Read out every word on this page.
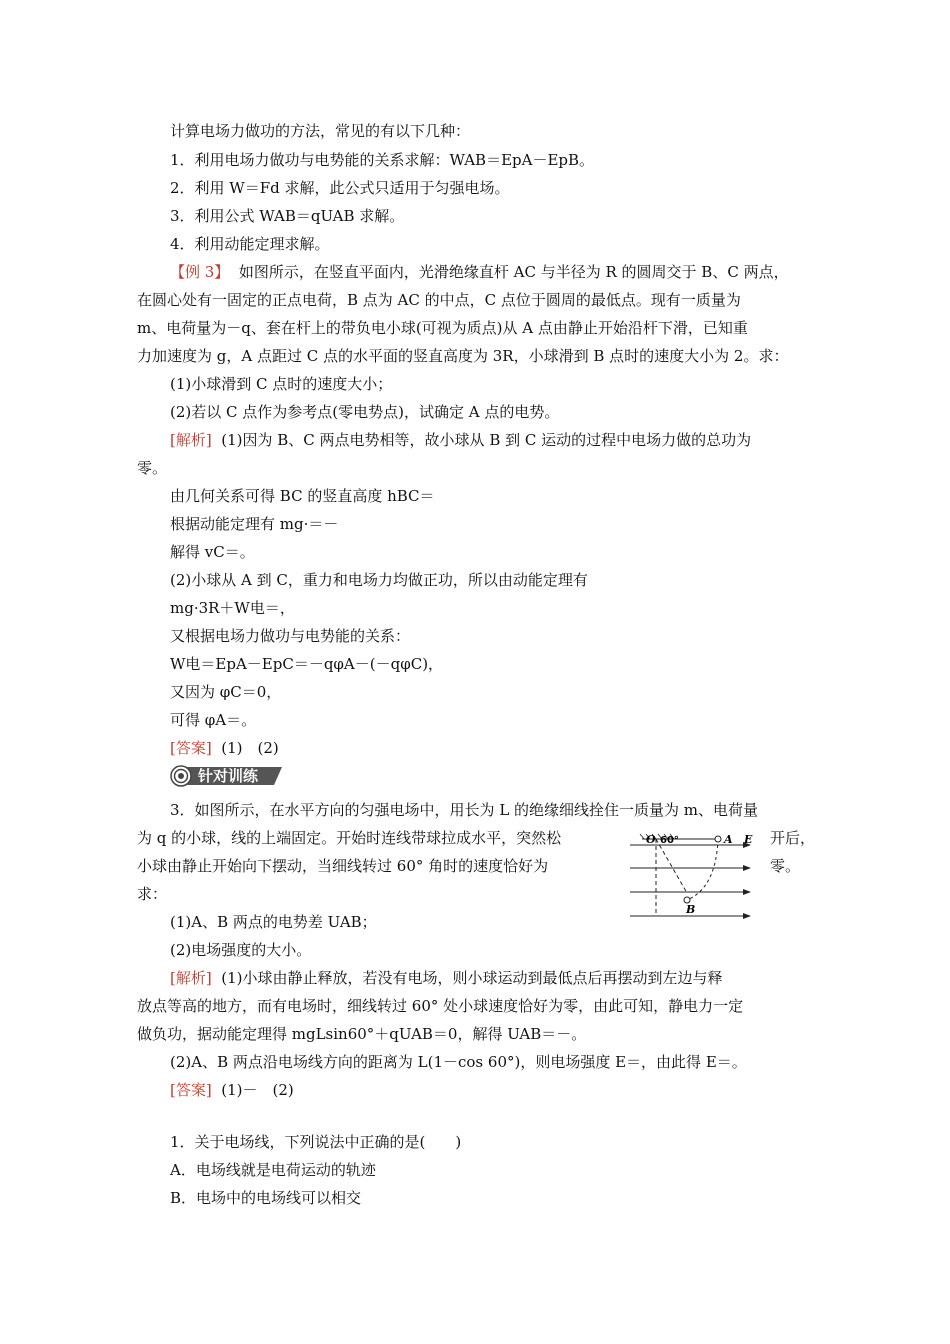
计算电场力做功的方法，常见的有以下几种：
1．利用电场力做功与电势能的关系求解：WAB＝EpA－EpB。
2．利用 W＝Fd 求解，此公式只适用于匀强电场。
3．利用公式 WAB＝qUAB 求解。
4．利用动能定理求解。
【例 3】 如图所示，在竖直平面内，光滑绝缘直杆 AC 与半径为 R 的圆周交于 B、C 两点，
在圆心处有一固定的正点电荷，B 点为 AC 的中点，C 点位于圆周的最低点。现有一质量为
m、电荷量为－q、套在杆上的带负电小球(可视为质点)从 A 点由静止开始沿杆下滑，已知重
力加速度为 g，A 点距过 C 点的水平面的竖直高度为 3R，小球滑到 B 点时的速度大小为 2。求：
(1)小球滑到 C 点时的速度大小；
(2)若以 C 点作为参考点(零电势点)，试确定 A 点的电势。
[解析] (1)因为 B、C 两点电势相等，故小球从 B 到 C 运动的过程中电场力做的总功为
零。
由几何关系可得 BC 的竖直高度 hBC＝
根据动能定理有 mg·＝－
解得 vC＝。
(2)小球从 A 到 C，重力和电场力均做正功，所以由动能定理有
mg·3R＋W电＝，
又根据电场力做功与电势能的关系：
W电＝EpA－EpC＝－qφA－(－qφC)，
又因为 φC＝0，
可得 φA＝。
[答案] (1)　(2)
针对训练
3．如图所示，在水平方向的匀强电场中，用长为 L 的绝缘细线拴住一质量为 m、电荷量
为 q 的小球，线的上端固定。开始时连线带球拉成水平，突然松	开后，
小球由静止开始向下摆动，当细线转过 60° 角时的速度恰好为	零。
求：
O 60°	A E
B
(1)A、B 两点的电势差 UAB；
(2)电场强度的大小。
[解析] (1)小球由静止释放，若没有电场，则小球运动到最低点后再摆动到左边与释
放点等高的地方，而有电场时，细线转过 60° 处小球速度恰好为零，由此可知，静电力一定
做负功，据动能定理得 mgLsin60°＋qUAB＝0，解得 UAB＝－。
(2)A、B 两点沿电场线方向的距离为 L(1－cos 60°)，则电场强度 E＝，由此得 E＝。
[答案] (1)－　(2)
1．关于电场线，下列说法中正确的是(　　)
A．电场线就是电荷运动的轨迹
B．电场中的电场线可以相交
